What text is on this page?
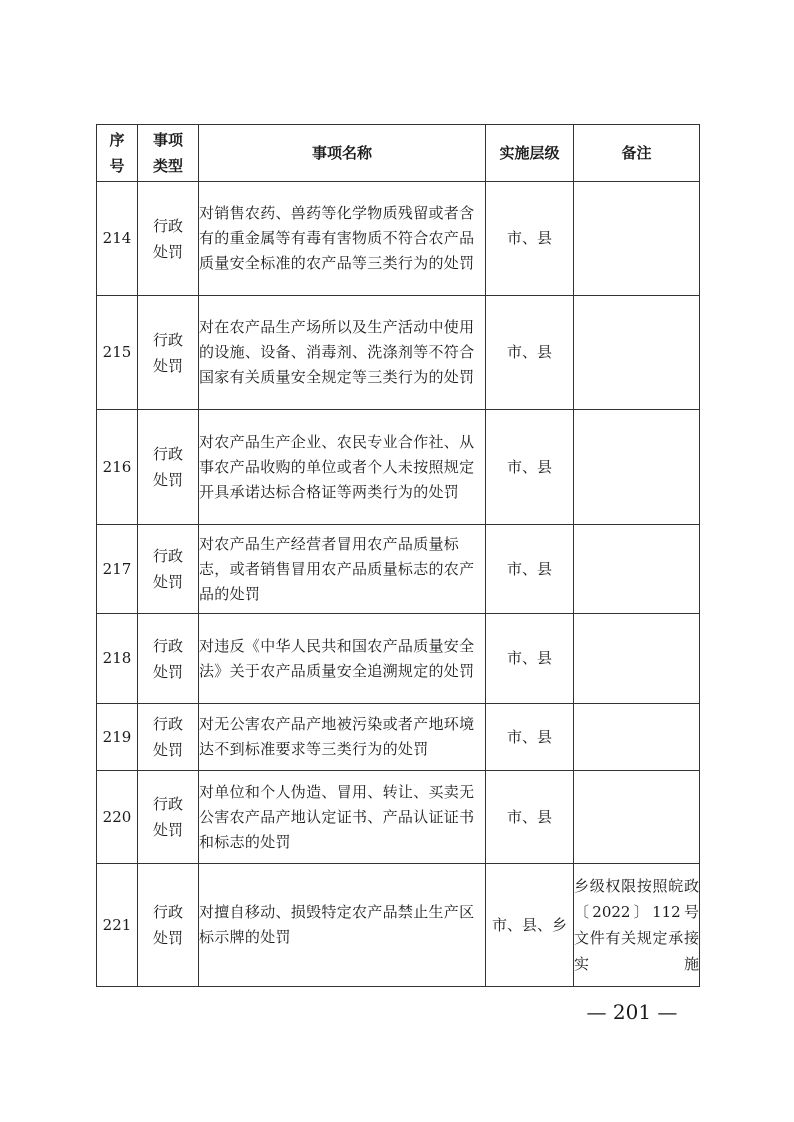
序号	事项类型	事项名称	实施层级	备注
214	行政处罚	对销售农药、兽药等化学物质残留或者含有的重金属等有毒有害物质不符合农产品质量安全标准的农产品等三类行为的处罚	市、县	
215	行政处罚	对在农产品生产场所以及生产活动中使用的设施、设备、消毒剂、洗涤剂等不符合国家有关质量安全规定等三类行为的处罚	市、县	
216	行政处罚	对农产品生产企业、农民专业合作社、从事农产品收购的单位或者个人未按照规定开具承诺达标合格证等两类行为的处罚	市、县	
217	行政处罚	对农产品生产经营者冒用农产品质量标志，或者销售冒用农产品质量标志的农产品的处罚	市、县	
218	行政处罚	对违反《中华人民共和国农产品质量安全法》关于农产品质量安全追溯规定的处罚	市、县	
219	行政处罚	对无公害农产品产地被污染或者产地环境达不到标准要求等三类行为的处罚	市、县	
220	行政处罚	对单位和个人伪造、冒用、转让、买卖无公害农产品产地认定证书、产品认证证书和标志的处罚	市、县	
221	行政处罚	对擅自移动、损毁特定农产品禁止生产区标示牌的处罚	市、县、乡	乡级权限按照皖政〔2022〕112号文件有关规定承接实施
— 201 —
